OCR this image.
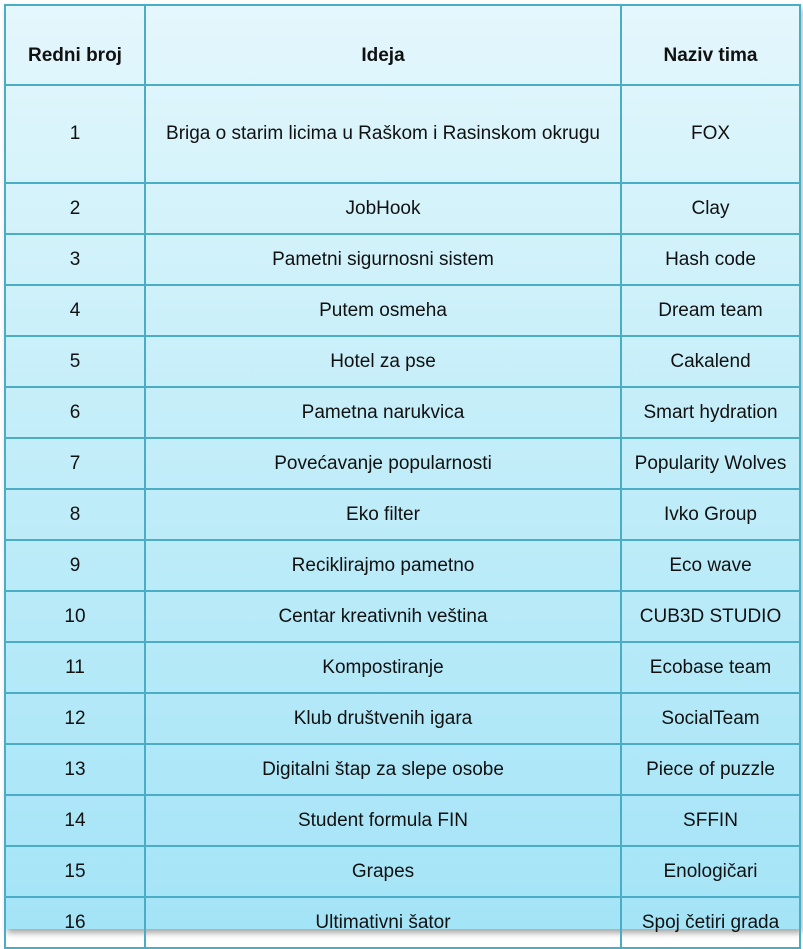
Redni broj	Ideja	Naziv tima
1	Briga o starim licima u Raškom i Rasinskom okrugu	FOX
2	JobHook	Clay
3	Pametni sigurnosni sistem	Hash code
4	Putem osmeha	Dream team
5	Hotel za pse	Cakalend
6	Pametna narukvica	Smart hydration
7	Povećavanje popularnosti	Popularity Wolves
8	Eko filter	Ivko Group
9	Reciklirajmo pametno	Eco wave
10	Centar kreativnih veština	CUB3D STUDIO
11	Kompostiranje	Ecobase team
12	Klub društvenih igara	SocialTeam
13	Digitalni štap za slepe osobe	Piece of puzzle
14	Student formula FIN	SFFIN
15	Grapes	Enologičari
16	Ultimativni šator	Spoj četiri grada
